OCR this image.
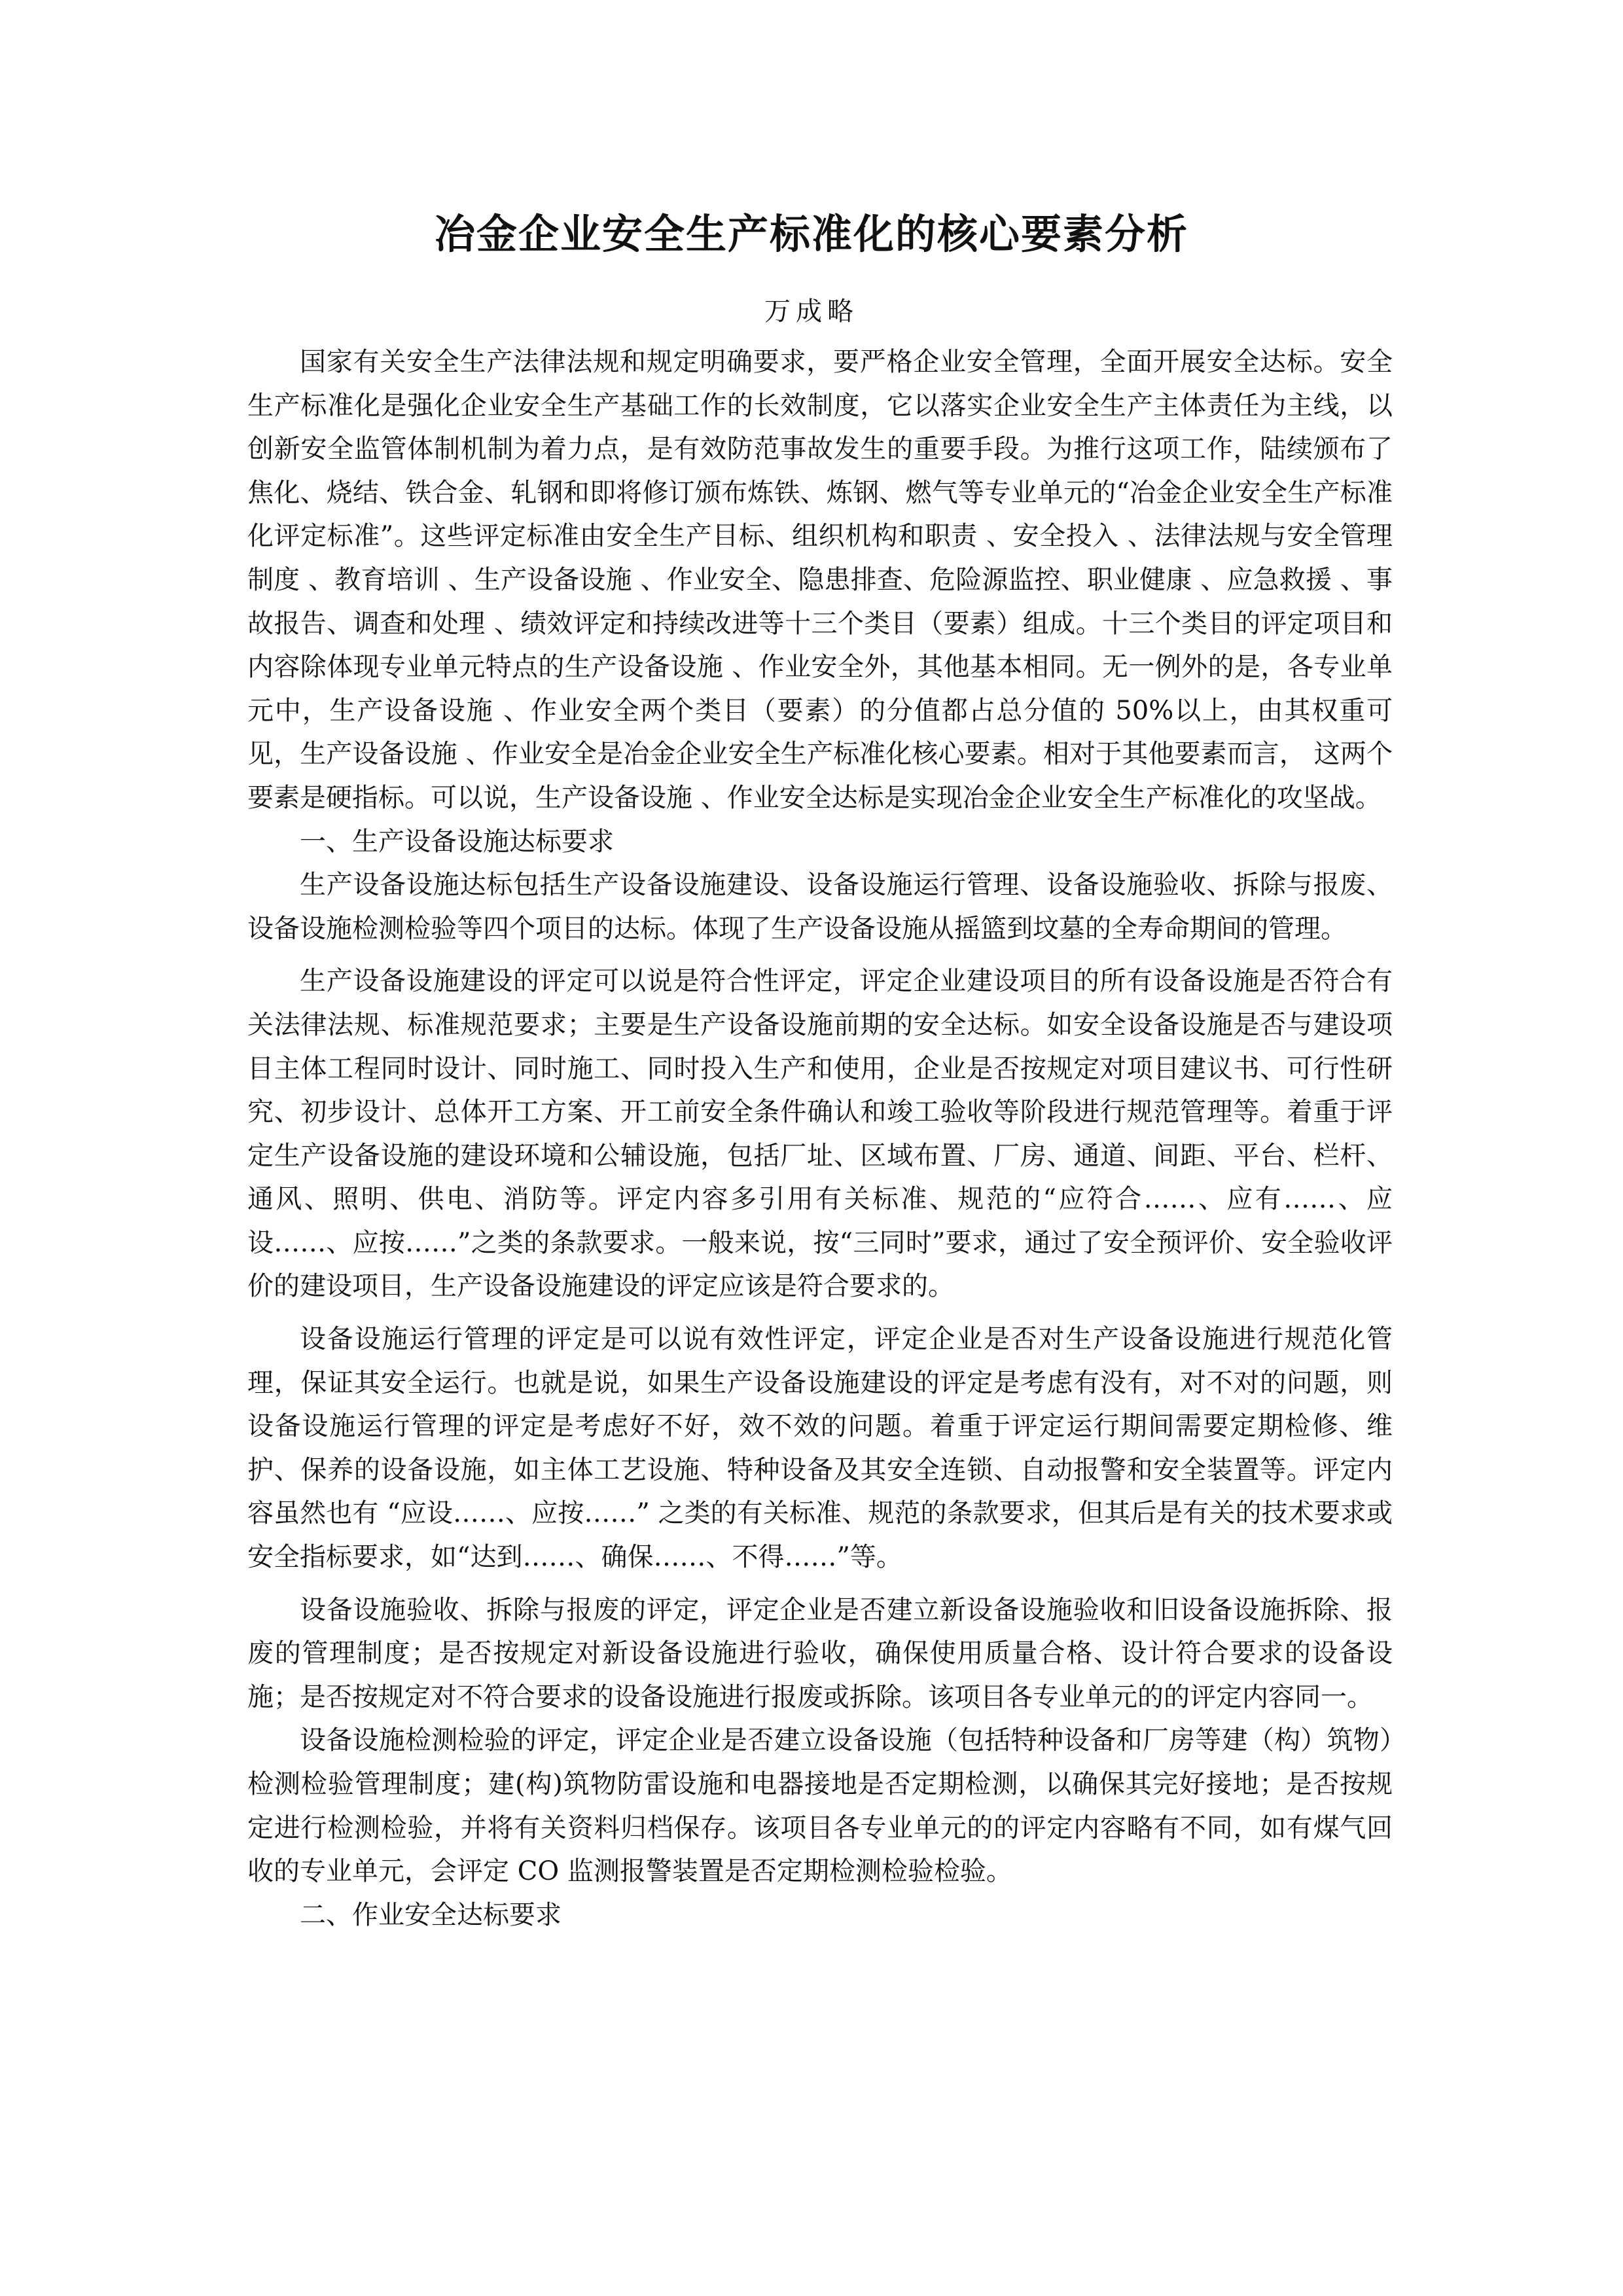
冶金企业安全生产标准化的核心要素分析
万成略

国家有关安全生产法律法规和规定明确要求，要严格企业安全管理，全面开展安全达标。安全生产标准化是强化企业安全生产基础工作的长效制度，它以落实企业安全生产主体责任为主线，以创新安全监管体制机制为着力点，是有效防范事故发生的重要手段。为推行这项工作，陆续颁布了焦化、烧结、铁合金、轧钢和即将修订颁布炼铁、炼钢、燃气等专业单元的“冶金企业安全生产标准化评定标准”。这些评定标准由安全生产目标、组织机构和职责 、安全投入 、法律法规与安全管理制度 、教育培训 、生产设备设施 、作业安全、隐患排查、危险源监控、职业健康 、应急救援 、事故报告、调查和处理 、绩效评定和持续改进等十三个类目（要素）组成。十三个类目的评定项目和内容除体现专业单元特点的生产设备设施 、作业安全外，其他基本相同。无一例外的是，各专业单元中，生产设备设施 、作业安全两个类目（要素）的分值都占总分值的 50%以上，由其权重可见，生产设备设施 、作业安全是冶金企业安全生产标准化核心要素。相对于其他要素而言， 这两个要素是硬指标。可以说，生产设备设施 、作业安全达标是实现冶金企业安全生产标准化的攻坚战。

一、生产设备设施达标要求

生产设备设施达标包括生产设备设施建设、设备设施运行管理、设备设施验收、拆除与报废、设备设施检测检验等四个项目的达标。体现了生产设备设施从摇篮到坟墓的全寿命期间的管理。

生产设备设施建设的评定可以说是符合性评定，评定企业建设项目的所有设备设施是否符合有关法律法规、标准规范要求；主要是生产设备设施前期的安全达标。如安全设备设施是否与建设项目主体工程同时设计、同时施工、同时投入生产和使用，企业是否按规定对项目建议书、可行性研究、初步设计、总体开工方案、开工前安全条件确认和竣工验收等阶段进行规范管理等。着重于评定生产设备设施的建设环境和公辅设施，包括厂址、区域布置、厂房、通道、间距、平台、栏杆、通风、照明、供电、消防等。评定内容多引用有关标准、规范的“应符合……、应有……、应设……、应按……”之类的条款要求。一般来说，按“三同时”要求，通过了安全预评价、安全验收评价的建设项目，生产设备设施建设的评定应该是符合要求的。

设备设施运行管理的评定是可以说有效性评定，评定企业是否对生产设备设施进行规范化管理，保证其安全运行。也就是说，如果生产设备设施建设的评定是考虑有没有，对不对的问题，则设备设施运行管理的评定是考虑好不好，效不效的问题。着重于评定运行期间需要定期检修、维护、保养的设备设施，如主体工艺设施、特种设备及其安全连锁、自动报警和安全装置等。评定内容虽然也有 “应设……、应按……” 之类的有关标准、规范的条款要求，但其后是有关的技术要求或安全指标要求，如“达到……、确保……、不得……”等。

设备设施验收、拆除与报废的评定，评定企业是否建立新设备设施验收和旧设备设施拆除、报废的管理制度；是否按规定对新设备设施进行验收，确保使用质量合格、设计符合要求的设备设施；是否按规定对不符合要求的设备设施进行报废或拆除。该项目各专业单元的的评定内容同一。

设备设施检测检验的评定，评定企业是否建立设备设施（包括特种设备和厂房等建（构）筑物）检测检验管理制度；建(构)筑物防雷设施和电器接地是否定期检测，以确保其完好接地；是否按规定进行检测检验，并将有关资料归档保存。该项目各专业单元的的评定内容略有不同，如有煤气回收的专业单元，会评定 CO 监测报警装置是否定期检测检验检验。

二、作业安全达标要求
